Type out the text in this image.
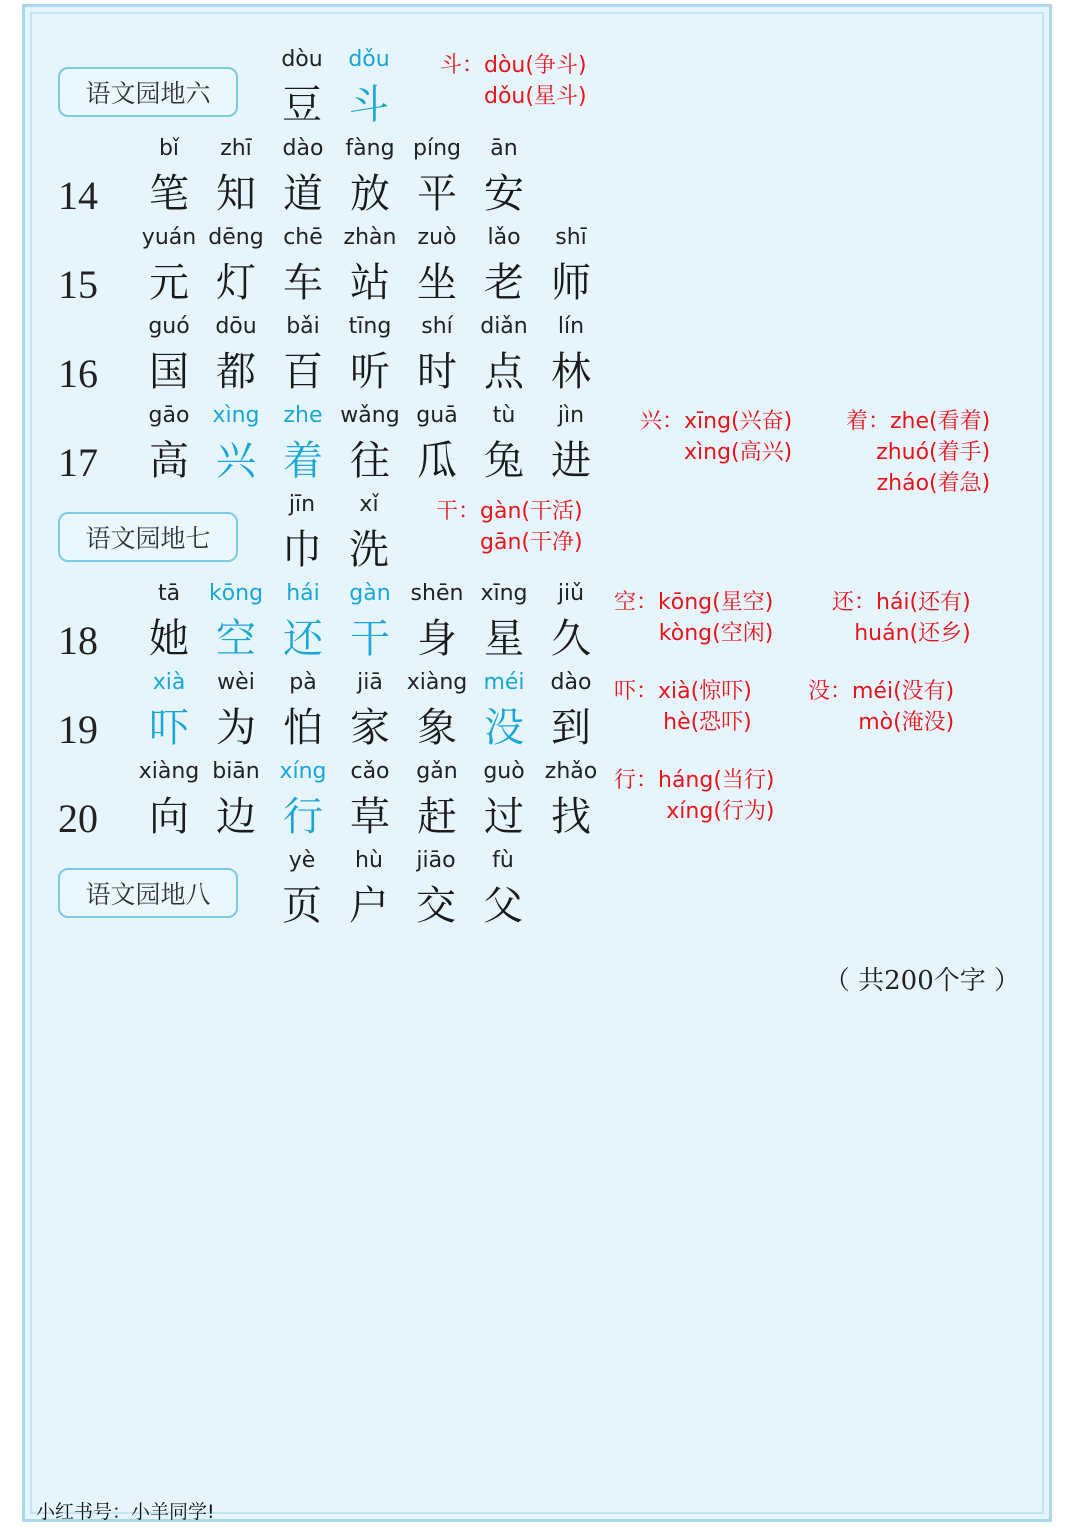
语文园地六
dòu
豆
dǒu
斗
斗：dòu(争斗)
dǒu(星斗)
14
bǐ
笔
zhī
知
dào
道
fàng
放
píng
平
ān
安
15
yuán
元
dēng
灯
chē
车
zhàn
站
zuò
坐
lǎo
老
shī
师
16
guó
国
dōu
都
bǎi
百
tīng
听
shí
时
diǎn
点
lín
林
17
gāo
高
xìng
兴
zhe
着
wǎng
往
guā
瓜
tù
兔
jìn
进
兴：xīng(兴奋)
xìng(高兴)
着：zhe(看着)
zhuó(着手)
zháo(着急)
语文园地七
jīn
巾
xǐ
洗
干：gàn(干活)
gān(干净)
18
tā
她
kōng
空
hái
还
gàn
干
shēn
身
xīng
星
jiǔ
久
空：kōng(星空)
kòng(空闲)
还：hái(还有)
huán(还乡)
19
xià
吓
wèi
为
pà
怕
jiā
家
xiàng
象
méi
没
dào
到
吓：xià(惊吓)
hè(恐吓)
没：méi(没有)
mò(淹没)
20
xiàng
向
biān
边
xíng
行
cǎo
草
gǎn
赶
guò
过
zhǎo
找
行：háng(当行)
xíng(行为)
语文园地八
yè
页
hù
户
jiāo
交
fù
父
（ 共200个字 ）
小红书号：小羊同学!
